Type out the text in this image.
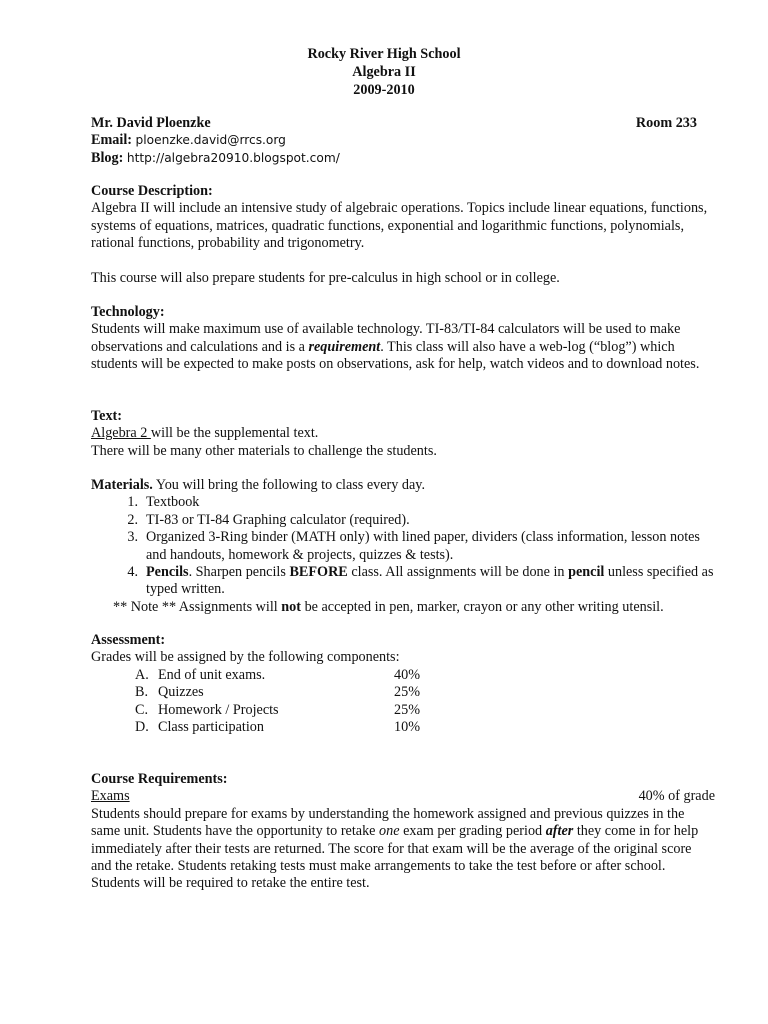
Rocky River High School
Algebra II
2009-2010
Mr. David Ploenzke	Room 233
Email: ploenzke.david@rrcs.org
Blog: http://algebra20910.blogspot.com/

Course Description:

Algebra II will include an intensive study of algebraic operations. Topics include linear equations, functions, systems of equations, matrices, quadratic functions, exponential and logarithmic functions, polynomials, rational functions, probability and trigonometry.

This course will also prepare students for pre-calculus in high school or in college.

Technology:

Students will make maximum use of available technology. TI-83/TI-84 calculators will be used to make observations and calculations and is a requirement. This class will also have a web-log (“blog”) which students will be expected to make posts on observations, ask for help, watch videos and to download notes.

Text:

Algebra 2 will be the supplemental text.

There will be many other materials to challenge the students.

Materials. You will bring the following to class every day.

1. Textbook
2. TI-83 or TI-84 Graphing calculator (required).
3. Organized 3-Ring binder (MATH only) with lined paper, dividers (class information, lesson notes and handouts, homework & projects, quizzes & tests).
4. Pencils. Sharpen pencils BEFORE class. All assignments will be done in pencil unless specified as typed written.

** Note ** Assignments will not be accepted in pen, marker, crayon or any other writing utensil.

Assessment:

Grades will be assigned by the following components:

A. End of unit exams.	40%
B. Quizzes	25%
C. Homework / Projects	25%
D. Class participation	10%

Course Requirements:

Exams	40% of grade

Students should prepare for exams by understanding the homework assigned and previous quizzes in the same unit. Students have the opportunity to retake one exam per grading period after they come in for help immediately after their tests are returned. The score for that exam will be the average of the original score and the retake. Students retaking tests must make arrangements to take the test before or after school. Students will be required to retake the entire test.
